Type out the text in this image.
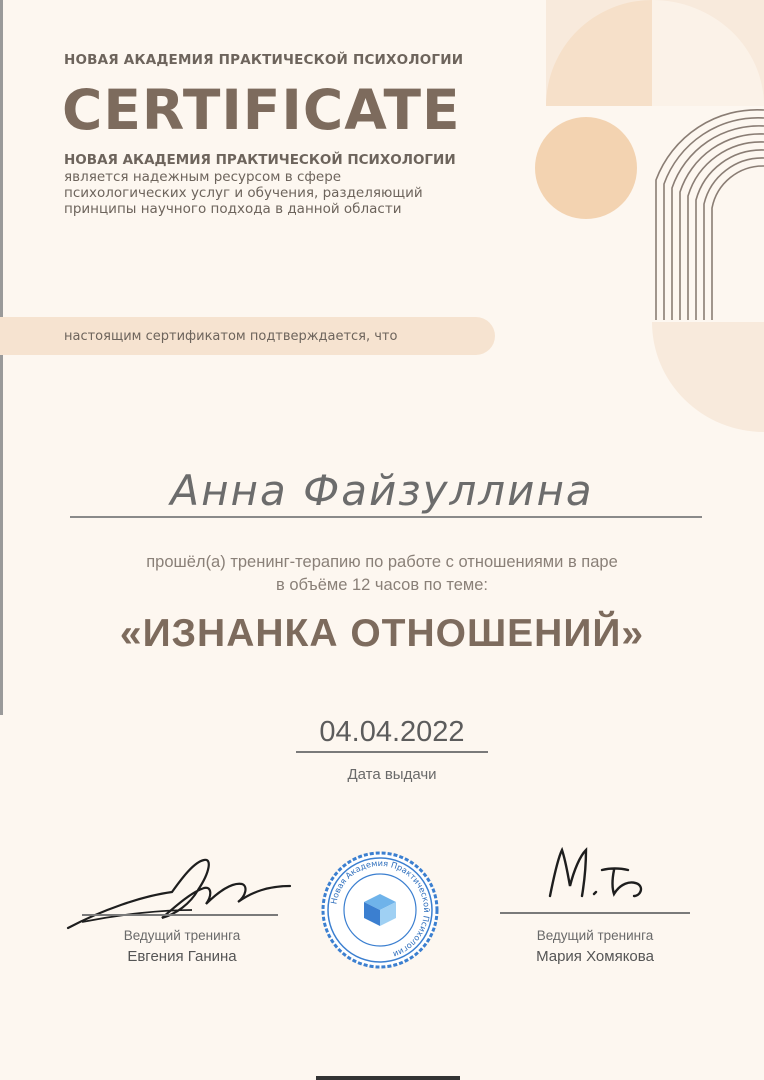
НОВАЯ АКАДЕМИЯ ПРАКТИЧЕСКОЙ ПСИХОЛОГИИ
CERTIFICATE
НОВАЯ АКАДЕМИЯ ПРАКТИЧЕСКОЙ ПСИХОЛОГИИ
является надежным ресурсом в сфере психологических услуг и обучения, разделяющий принципы научного подхода в данной области
настоящим сертификатом подтверждается, что
Анна Файзуллина
прошёл(а) тренинг-терапию по работе с отношениями в паре
в объёме 12 часов по теме:
«ИЗНАНКА ОТНОШЕНИЙ»
04.04.2022
Дата выдачи
Ведущий тренинга
Евгения Ганина
Ведущий тренинга
Мария Хомякова
Новая Академия Практической Психологии
